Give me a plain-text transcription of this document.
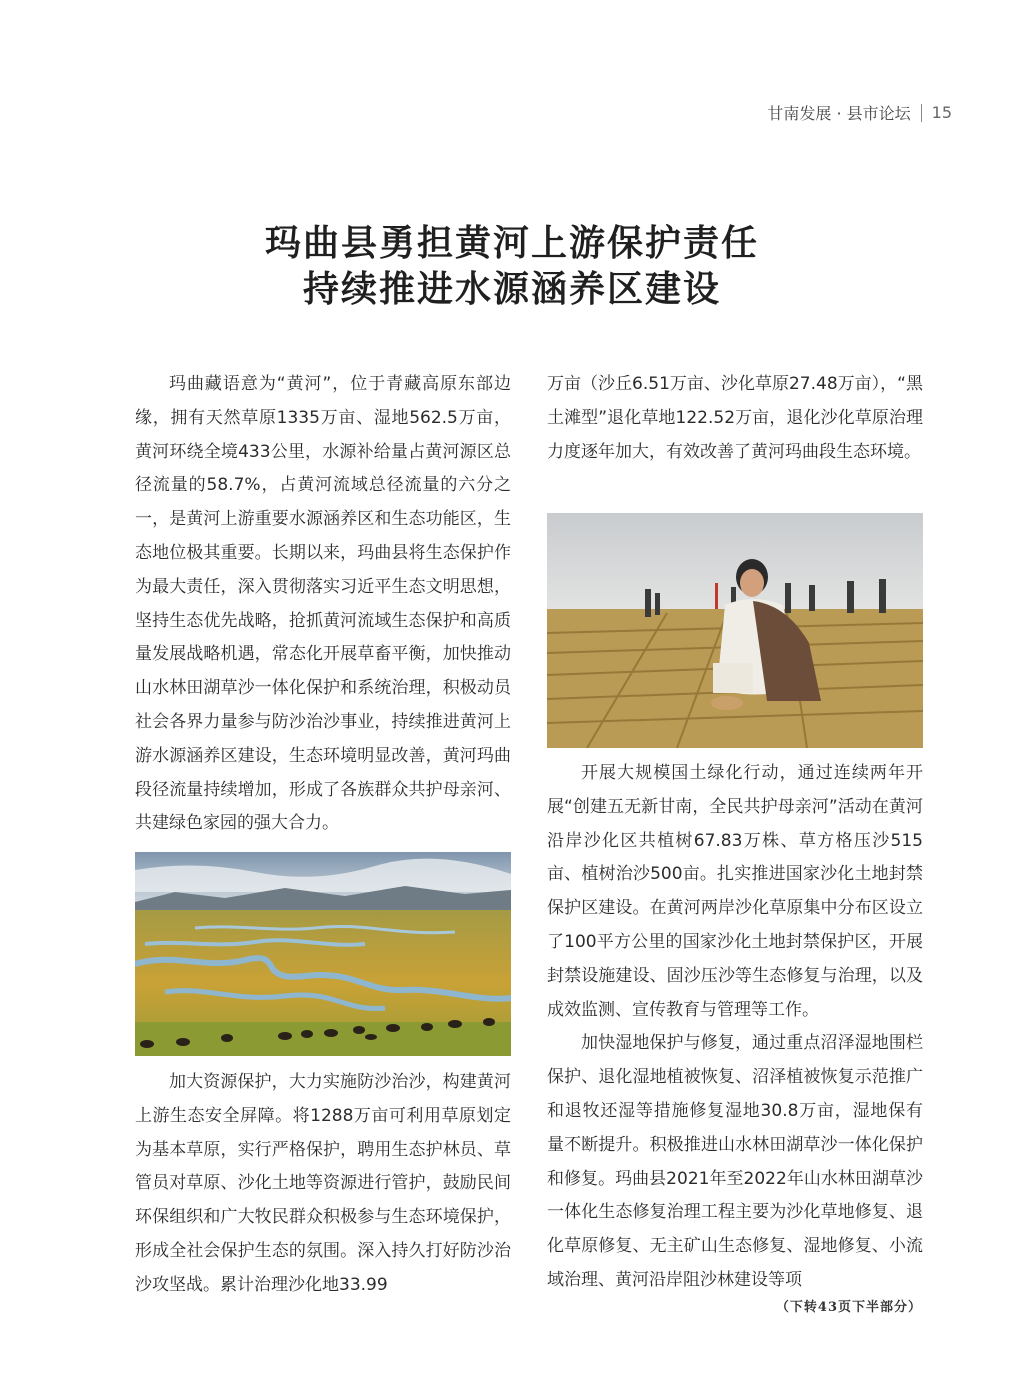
甘南发展 · 县市论坛 15
玛曲县勇担黄河上游保护责任
持续推进水源涵养区建设

玛曲藏语意为“黄河”，位于青藏高原东部边缘，拥有天然草原1335万亩、湿地562.5万亩，黄河环绕全境433公里，水源补给量占黄河源区总径流量的58.7%，占黄河流域总径流量的六分之一，是黄河上游重要水源涵养区和生态功能区，生态地位极其重要。长期以来，玛曲县将生态保护作为最大责任，深入贯彻落实习近平生态文明思想，坚持生态优先战略，抢抓黄河流域生态保护和高质量发展战略机遇，常态化开展草畜平衡，加快推动山水林田湖草沙一体化保护和系统治理，积极动员社会各界力量参与防沙治沙事业，持续推进黄河上游水源涵养区建设，生态环境明显改善，黄河玛曲段径流量持续增加，形成了各族群众共护母亲河、共建绿色家园的强大合力。

加大资源保护，大力实施防沙治沙，构建黄河上游生态安全屏障。将1288万亩可利用草原划定为基本草原，实行严格保护，聘用生态护林员、草管员对草原、沙化土地等资源进行管护，鼓励民间环保组织和广大牧民群众积极参与生态环境保护，形成全社会保护生态的氛围。深入持久打好防沙治沙攻坚战。累计治理沙化地33.99

万亩（沙丘6.51万亩、沙化草原27.48万亩），“黑土滩型”退化草地122.52万亩，退化沙化草原治理力度逐年加大，有效改善了黄河玛曲段生态环境。

开展大规模国土绿化行动，通过连续两年开展“创建五无新甘南，全民共护母亲河”活动在黄河沿岸沙化区共植树67.83万株、草方格压沙515亩、植树治沙500亩。扎实推进国家沙化土地封禁保护区建设。在黄河两岸沙化草原集中分布区设立了100平方公里的国家沙化土地封禁保护区，开展封禁设施建设、固沙压沙等生态修复与治理，以及成效监测、宣传教育与管理等工作。

加快湿地保护与修复，通过重点沼泽湿地围栏保护、退化湿地植被恢复、沼泽植被恢复示范推广和退牧还湿等措施修复湿地30.8万亩，湿地保有量不断提升。积极推进山水林田湖草沙一体化保护和修复。玛曲县2021年至2022年山水林田湖草沙一体化生态修复治理工程主要为沙化草地修复、退化草原修复、无主矿山生态修复、湿地修复、小流域治理、黄河沿岸阻沙林建设等项

（下转43页下半部分）
